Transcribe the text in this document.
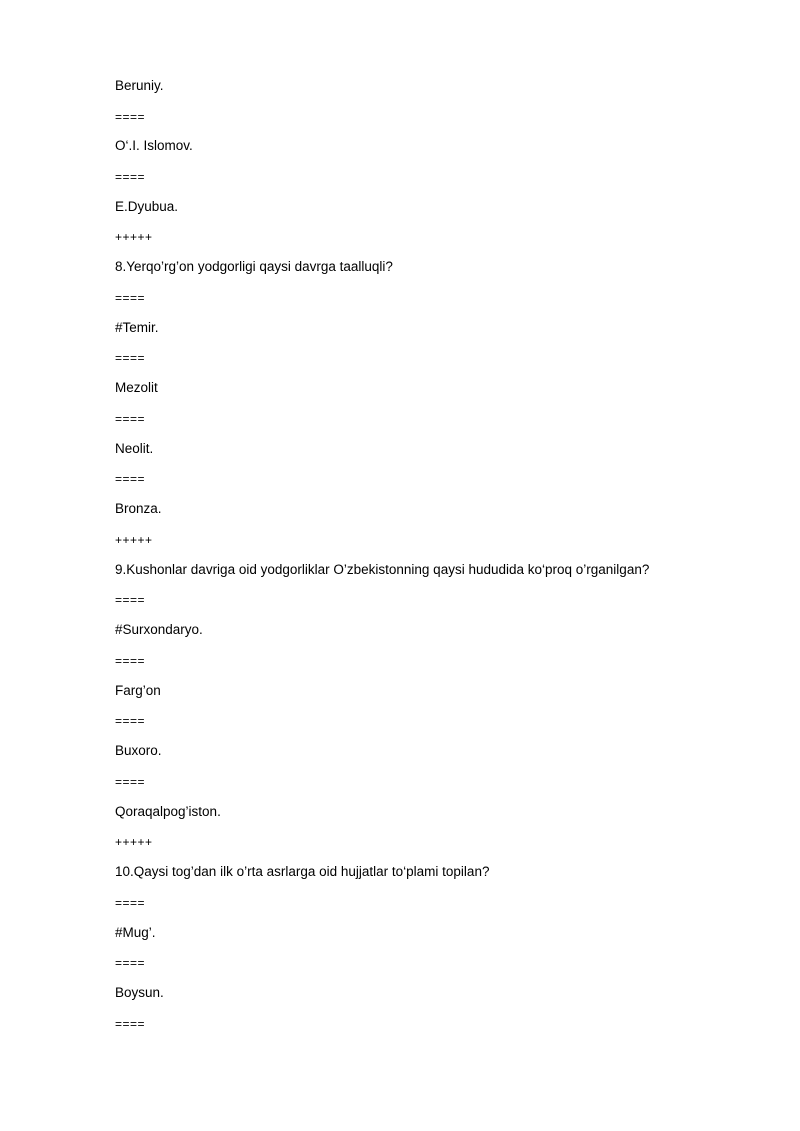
Beruniy.
====
O‘.I. Islomov.
====
E.Dyubua.
+++++
8.Yerqo’rg’on yodgorligi qaysi davrga taalluqli?
====
#Temir.
====
Mezolit
====
Neolit.
====
Bronza.
+++++
9.Kushonlar davriga oid yodgorliklar O’zbekistonning qaysi hududida ko‘proq o’rganilgan?
====
#Surxondaryo.
====
Farg’on
====
Buxoro.
====
Qoraqalpog’iston.
+++++
10.Qaysi tog’dan ilk o’rta asrlarga oid hujjatlar to‘plami topilan?
====
#Mug’.
====
Boysun.
====
